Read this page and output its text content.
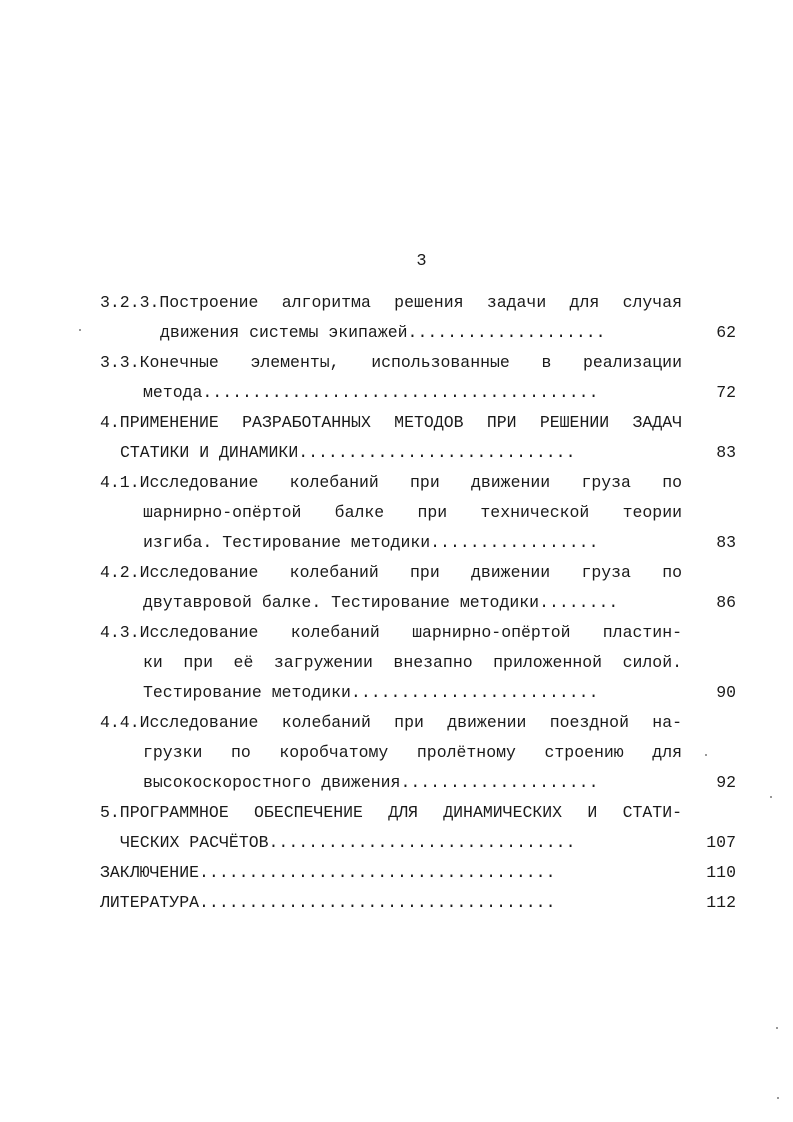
3
3.2.3.Построение алгоритма решения задачи для случая
движения системы экипажей....................	62
3.3.Конечные элементы, использованные в реализации
метода........................................	72
4.ПРИМЕНЕНИЕ РАЗРАБОТАННЫХ МЕТОДОВ ПРИ РЕШЕНИИ ЗАДАЧ
СТАТИКИ И ДИНАМИКИ............................	83
4.1.Исследование колебаний при движении груза по
шарнирно-опёртой балке при технической теории
изгиба. Тестирование методики.................	83
4.2.Исследование колебаний при движении груза по
двутавровой балке. Тестирование методики........	86
4.3.Исследование колебаний шарнирно-опёртой пластин-
ки при её загружении внезапно приложенной силой.
Тестирование методики.........................	90
4.4.Исследование колебаний при движении поездной на-
грузки по коробчатому пролётному строению для
высокоскоростного движения....................	92
5.ПРОГРАММНОЕ ОБЕСПЕЧЕНИЕ ДЛЯ ДИНАМИЧЕСКИХ И СТАТИ-
ЧЕСКИХ РАСЧЁТОВ...............................	107
ЗАКЛЮЧЕНИЕ....................................	110
ЛИТЕРАТУРА....................................	112
